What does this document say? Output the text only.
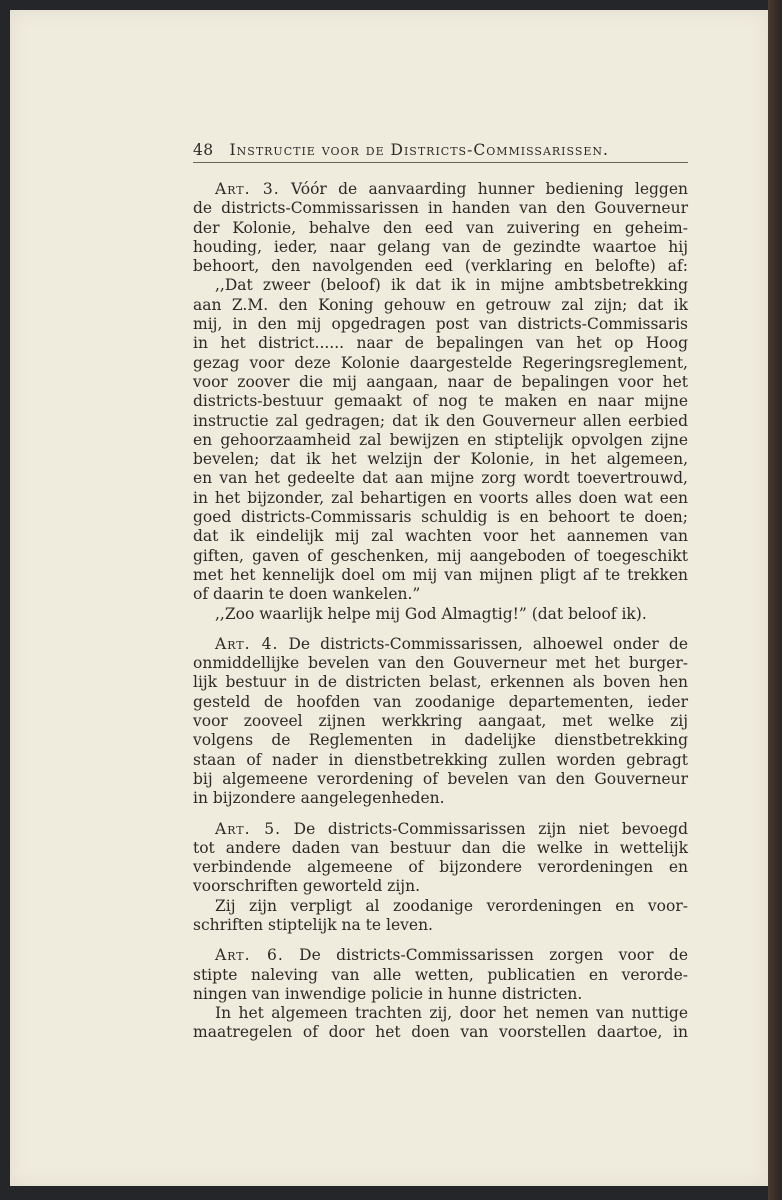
48 Instructie voor de Districts-Commissarissen.
Art. 3. Vóór de aanvaarding hunner bediening leggen
de districts-Commissarissen in handen van den Gouverneur
der Kolonie, behalve den eed van zuivering en geheim-
houding, ieder, naar gelang van de gezindte waartoe hij
behoort, den navolgenden eed (verklaring en belofte) af:
,,Dat zweer (beloof) ik dat ik in mijne ambtsbetrekking
aan Z.M. den Koning gehouw en getrouw zal zijn; dat ik
mij, in den mij opgedragen post van districts-Commissaris
in het district...... naar de bepalingen van het op Hoog
gezag voor deze Kolonie daargestelde Regeringsreglement,
voor zoover die mij aangaan, naar de bepalingen voor het
districts-bestuur gemaakt of nog te maken en naar mijne
instructie zal gedragen; dat ik den Gouverneur allen eerbied
en gehoorzaamheid zal bewijzen en stiptelijk opvolgen zijne
bevelen; dat ik het welzijn der Kolonie, in het algemeen,
en van het gedeelte dat aan mijne zorg wordt toevertrouwd,
in het bijzonder, zal behartigen en voorts alles doen wat een
goed districts-Commissaris schuldig is en behoort te doen;
dat ik eindelijk mij zal wachten voor het aannemen van
giften, gaven of geschenken, mij aangeboden of toegeschikt
met het kennelijk doel om mij van mijnen pligt af te trekken
of daarin te doen wankelen.”
,,Zoo waarlijk helpe mij God Almagtig!” (dat beloof ik).
Art. 4. De districts-Commissarissen, alhoewel onder de
onmiddellijke bevelen van den Gouverneur met het burger-
lijk bestuur in de districten belast, erkennen als boven hen
gesteld de hoofden van zoodanige departementen, ieder
voor zooveel zijnen werkkring aangaat, met welke zij
volgens de Reglementen in dadelijke dienstbetrekking
staan of nader in dienstbetrekking zullen worden gebragt
bij algemeene verordening of bevelen van den Gouverneur
in bijzondere aangelegenheden.
Art. 5. De districts-Commissarissen zijn niet bevoegd
tot andere daden van bestuur dan die welke in wettelijk
verbindende algemeene of bijzondere verordeningen en
voorschriften geworteld zijn.
Zij zijn verpligt al zoodanige verordeningen en voor-
schriften stiptelijk na te leven.
Art. 6. De districts-Commissarissen zorgen voor de
stipte naleving van alle wetten, publicatien en verorde-
ningen van inwendige policie in hunne districten.
In het algemeen trachten zij, door het nemen van nuttige
maatregelen of door het doen van voorstellen daartoe, in
